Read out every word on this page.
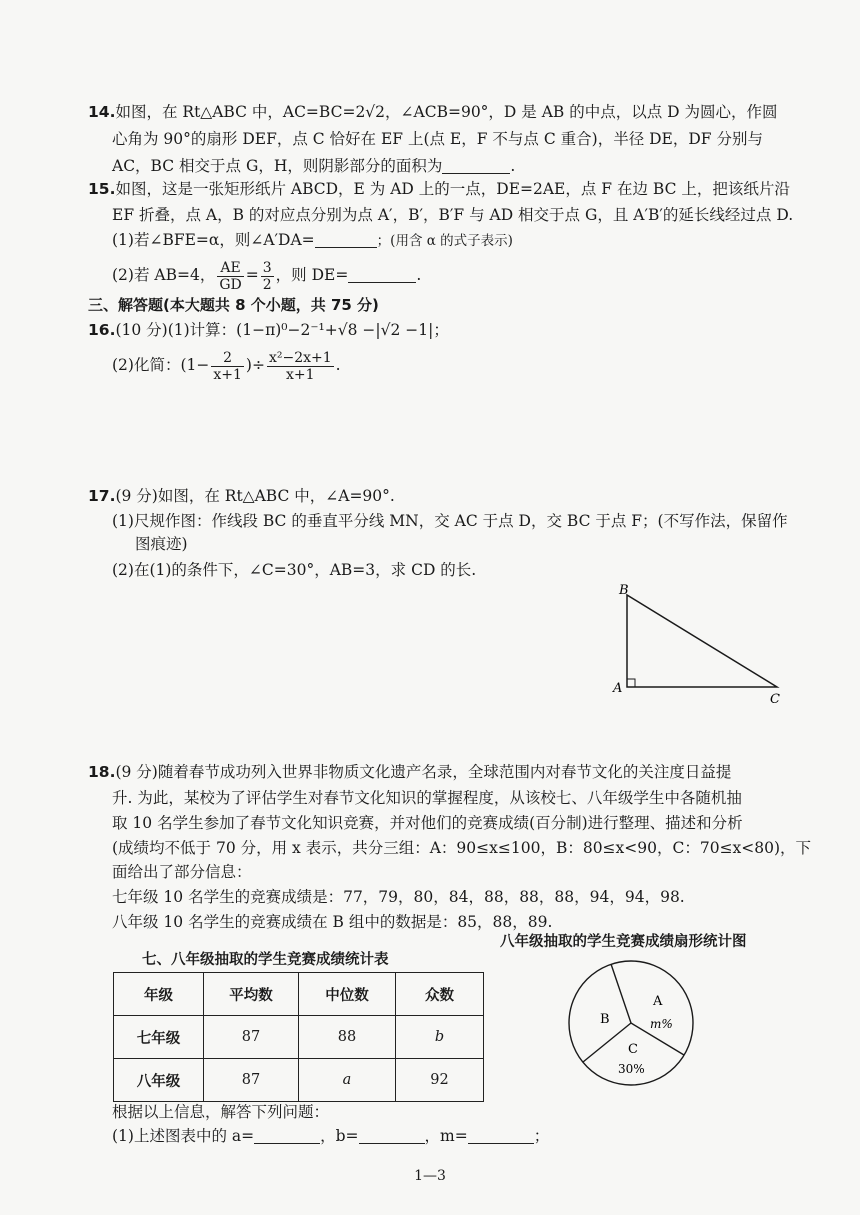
14.如图，在 Rt△ABC 中，AC=BC=2√2，∠ACB=90°，D 是 AB 的中点，以点 D 为圆心，作圆
心角为 90°的扇形 DEF，点 C 恰好在 EF 上(点 E，F 不与点 C 重合)，半径 DE，DF 分别与
AC，BC 相交于点 G，H，则阴影部分的面积为	.
15.如图，这是一张矩形纸片 ABCD，E 为 AD 上的一点，DE=2AE，点 F 在边 BC 上，把该纸片沿
EF 折叠，点 A，B 的对应点分别为点 A′，B′，B′F 与 AD 相交于点 G，且 A′B′的延长线经过点 D.
(1)若∠BFE=α，则∠A′DA=	；(用含 α 的式子表示)
(2)若 AB=4， $\frac{AE}{GD} = \frac{3}{2}$ ，则 DE=	.
三、解答题(本大题共 8 个小题，共 75 分)
16.(10 分)(1)计算：(1−π)⁰−2⁻¹+√8 −|√2 −1|；
(2)化简：($1- \frac{2}{x+1}$ )÷ $\frac{\text{x²−2x+1}}{x+1}$ .
17.(9 分)如图，在 Rt△ABC 中，∠A=90°.
(1)尺规作图：作线段 BC 的垂直平分线 MN，交 AC 于点 D，交 BC 于点 F；(不写作法，保留作
图痕迹)
(2)在(1)的条件下，∠C=30°，AB=3，求 CD 的长.
B
A
C
18.(9 分)随着春节成功列入世界非物质文化遗产名录，全球范围内对春节文化的关注度日益提
升. 为此，某校为了评估学生对春节文化知识的掌握程度，从该校七、八年级学生中各随机抽
取 10 名学生参加了春节文化知识竞赛，并对他们的竞赛成绩(百分制)进行整理、描述和分析
(成绩均不低于 70 分，用 x 表示，共分三组：A：90≤x≤100，B：80≤x<90，C：70≤x<80)，下
面给出了部分信息：
七年级 10 名学生的竞赛成绩是：77，79，80，84，88，88，88，94，94，98.
八年级 10 名学生的竞赛成绩在 B 组中的数据是：85，88，89.
七、八年级抽取的学生竞赛成绩统计表
八年级抽取的学生竞赛成绩扇形统计图
年级	平均数	中位数	众数
七年级	87	88	b
八年级	87	a	92
A
m%
B
C
30%
根据以上信息，解答下列问题：
(1)上述图表中的 a=	，b=	，m=	；
1—3
